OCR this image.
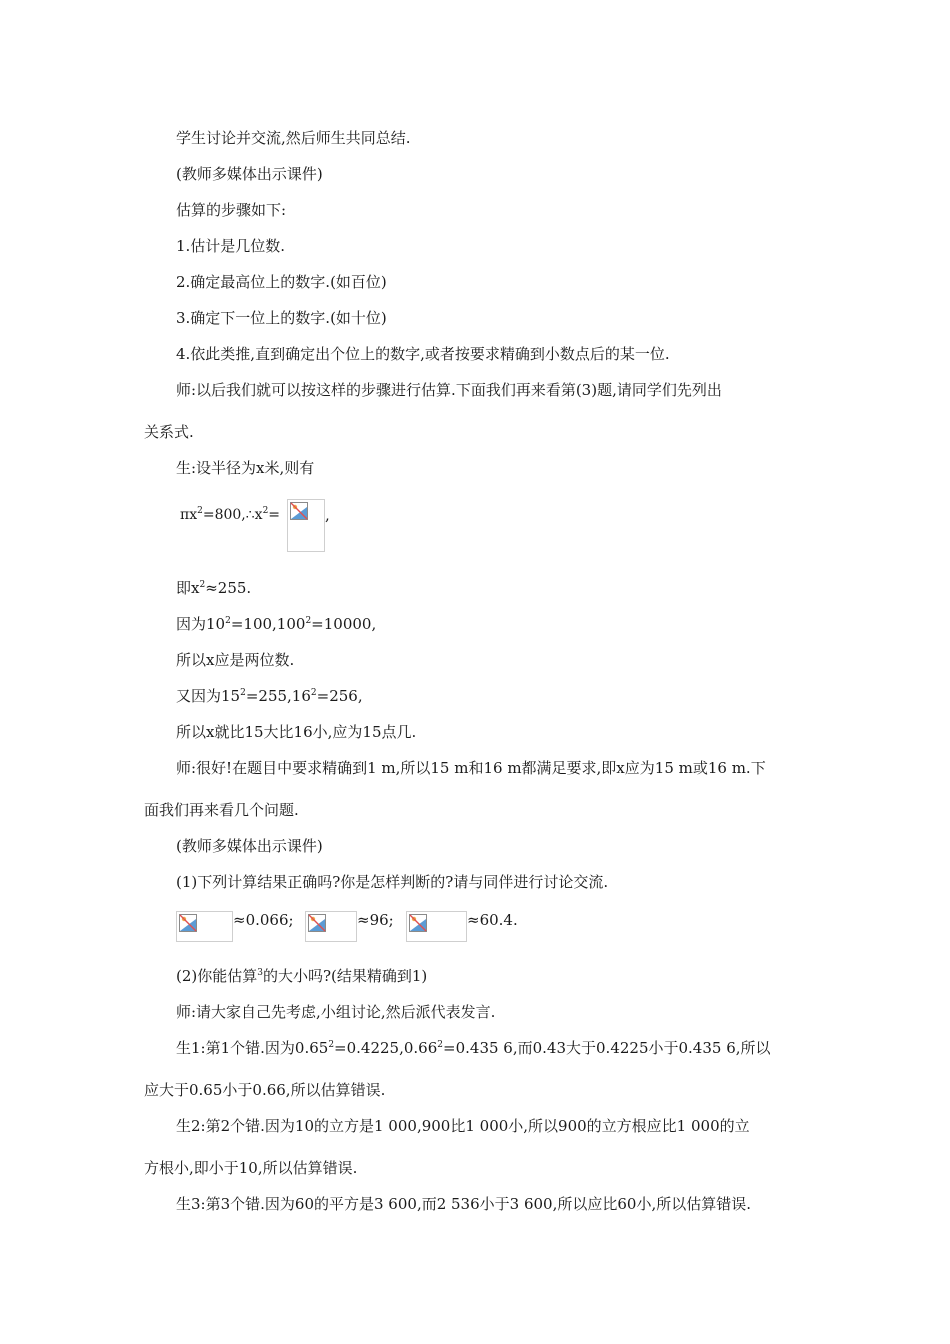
学生讨论并交流,然后师生共同总结.
(教师多媒体出示课件)
估算的步骤如下:
1.估计是几位数.
2.确定最高位上的数字.(如百位)
3.确定下一位上的数字.(如十位)
4.依此类推,直到确定出个位上的数字,或者按要求精确到小数点后的某一位.
师:以后我们就可以按这样的步骤进行估算.下面我们再来看第(3)题,请同学们先列出
关系式.
生:设半径为x米,则有
$\pi x^2=800,\therefore x^2=$	,
即$x^2\approx 255$.
因为$10^2=100,100^2=10000$,
所以x应是两位数.
又因为$15^2=255,16^2=256$,
所以x就比15大比16小,应为15点几.
师:很好!在题目中要求精确到1 m,所以15 m和16 m都满足要求,即x应为15 m或16 m.下
面我们再来看几个问题.
(教师多媒体出示课件)
(1)下列计算结果正确吗?你是怎样判断的?请与同伴进行讨论交流.
≈0.066;	≈96;	≈60.4.
(2)你能估算$^3$的大小吗?(结果精确到1)
师:请大家自己先考虑,小组讨论,然后派代表发言.
生1:第1个错.因为$0.65^2=0.4225,0.66^2=0.435$ 6,而0.43大于0.4225小于0.435 6,所以
应大于0.65小于0.66,所以估算错误.
生2:第2个错.因为10的立方是1 000,900比1 000小,所以900的立方根应比1 000的立
方根小,即小于10,所以估算错误.
生3:第3个错.因为60的平方是3 600,而2 536小于3 600,所以应比60小,所以估算错误.
